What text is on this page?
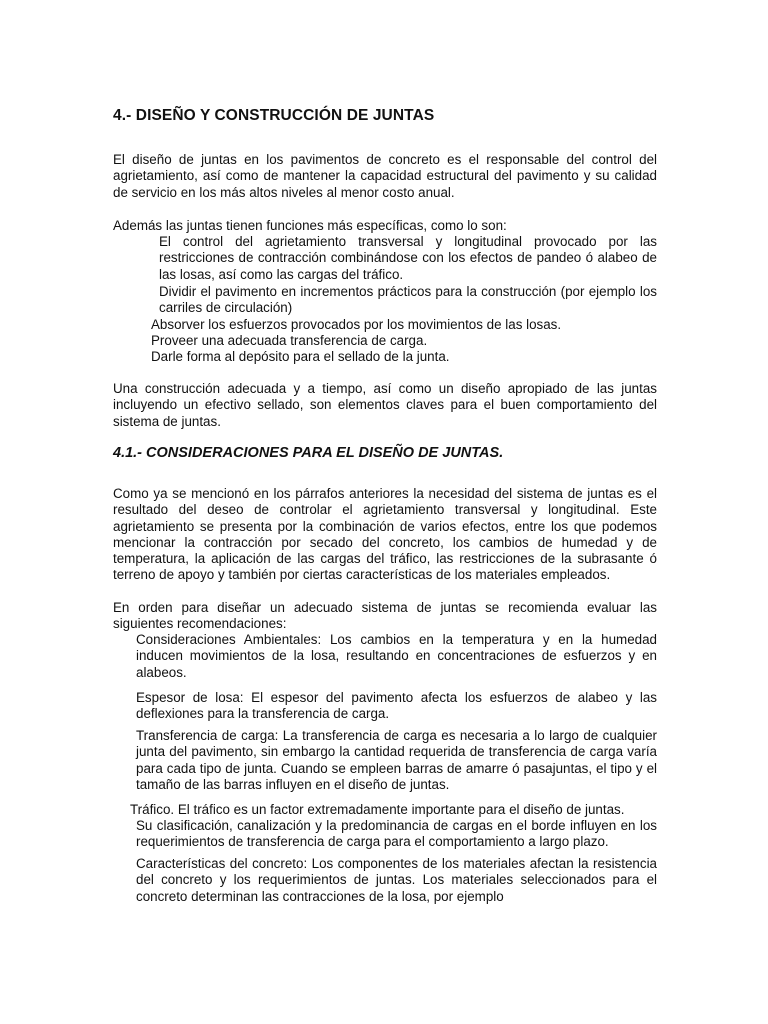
4.- DISEÑO Y CONSTRUCCIÓN DE JUNTAS
El diseño de juntas en los pavimentos de concreto es el responsable del control del agrietamiento, así como de mantener la capacidad estructural del pavimento y su calidad de servicio en los más altos niveles al menor costo anual.
Además las juntas tienen funciones más específicas, como lo son:
El control del agrietamiento transversal y longitudinal provocado por las restricciones de contracción combinándose con los efectos de pandeo ó alabeo de las losas, así como las cargas del tráfico.
Dividir el pavimento en incrementos prácticos para la construcción (por ejemplo los carriles de circulación)
Absorver los esfuerzos provocados por los movimientos de las losas.
Proveer una adecuada transferencia de carga.
Darle forma al depósito para el sellado de la junta.
Una construcción adecuada y a tiempo, así como un diseño apropiado de las juntas incluyendo un efectivo sellado, son elementos claves para el buen comportamiento del sistema de juntas.
4.1.- CONSIDERACIONES PARA EL DISEÑO DE JUNTAS.
Como ya se mencionó en los párrafos anteriores la necesidad del sistema de juntas es el resultado del deseo de controlar el agrietamiento transversal y longitudinal. Este agrietamiento se presenta por la combinación de varios efectos, entre los que podemos mencionar la contracción por secado del concreto, los cambios de humedad y de temperatura, la aplicación de las cargas del tráfico, las restricciones de la subrasante ó terreno de apoyo y también por ciertas características de los materiales empleados.
En orden para diseñar un adecuado sistema de juntas se recomienda evaluar las siguientes recomendaciones:
Consideraciones Ambientales: Los cambios en la temperatura y en la humedad inducen movimientos de la losa, resultando en concentraciones de esfuerzos y en alabeos.
Espesor de losa: El espesor del pavimento afecta los esfuerzos de alabeo y las deflexiones para la transferencia de carga.
Transferencia de carga: La transferencia de carga es necesaria a lo largo de cualquier junta del pavimento, sin embargo la cantidad requerida de transferencia de carga varía para cada tipo de junta. Cuando se empleen barras de amarre ó pasajuntas, el tipo y el tamaño de las barras influyen en el diseño de juntas.
Tráfico. El tráfico es un factor extremadamente importante para el diseño de juntas.
Su clasificación, canalización y la predominancia de cargas en el borde influyen en los requerimientos de transferencia de carga para el comportamiento a largo plazo.
Características del concreto: Los componentes de los materiales afectan la resistencia del concreto y los requerimientos de juntas. Los materiales seleccionados para el concreto determinan las contracciones de la losa, por ejemplo
